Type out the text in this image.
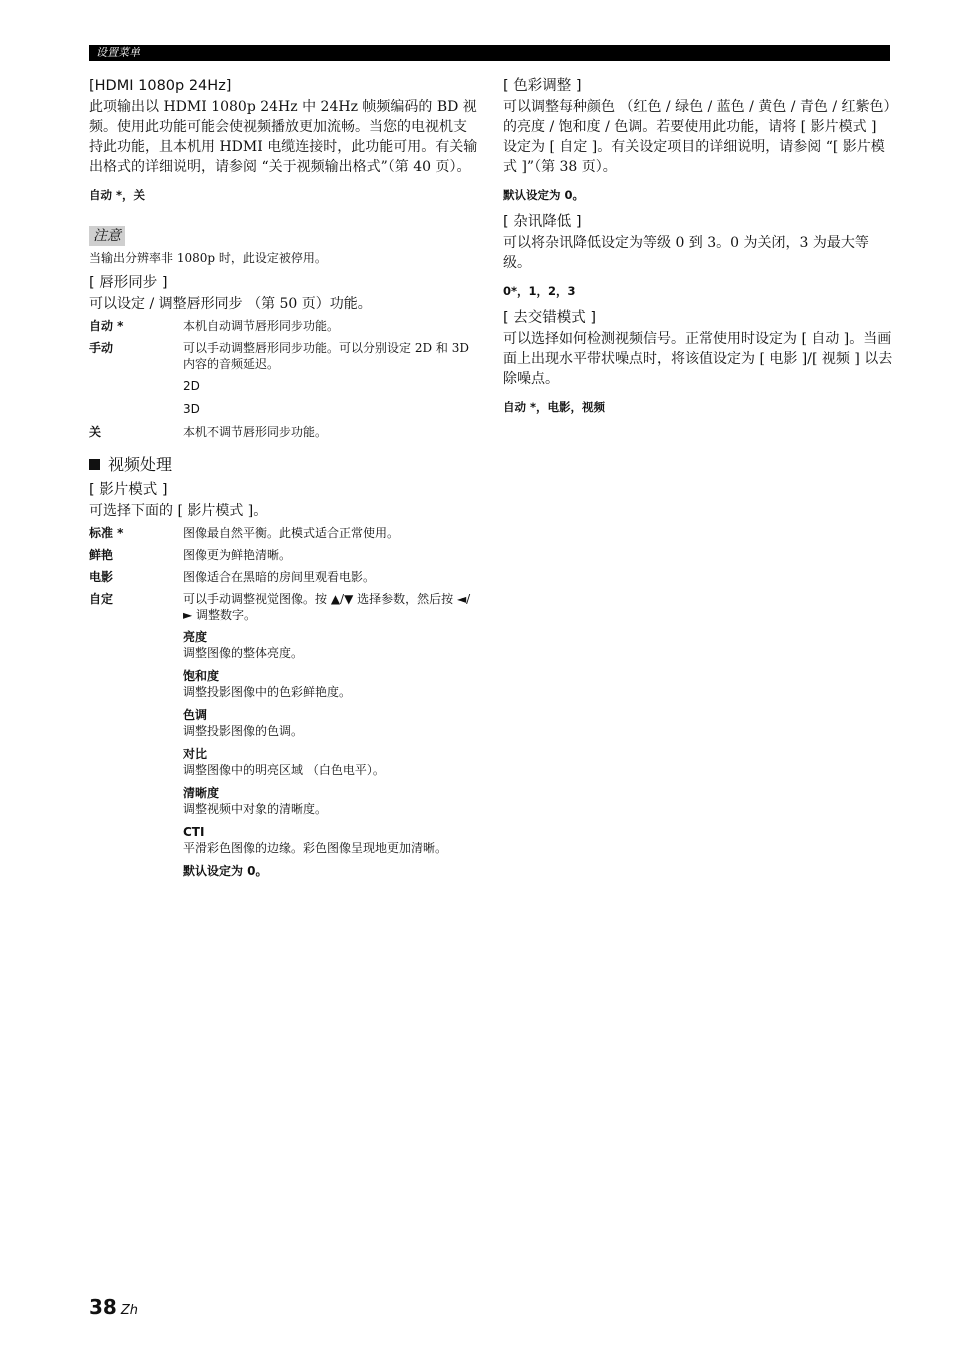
设置菜单
[HDMI 1080p 24Hz]

此项输出以 HDMI 1080p 24Hz 中 24Hz 帧频编码的 BD 视频。使用此功能可能会使视频播放更加流畅。当您的电视机支持此功能，且本机用 HDMI 电缆连接时，此功能可用。有关输出格式的详细说明，请参阅 “关于视频输出格式”（第 40 页）。

自动 *，关
注意

当输出分辨率非 1080p 时，此设定被停用。

[ 唇形同步 ]

可以设定 / 调整唇形同步 （第 50 页）功能。

自动 *	本机自动调节唇形同步功能。
手动	可以手动调整唇形同步功能。可以分别设定 2D 和 3D 内容的音频延迟。
2D
3D
关	本机不调节唇形同步功能。
视频处理
[ 影片模式 ]

可选择下面的 [ 影片模式 ]。

标准 *	图像最自然平衡。此模式适合正常使用。
鲜艳	图像更为鲜艳清晰。
电影	图像适合在黑暗的房间里观看电影。
自定	可以手动调整视觉图像。按 ▲/▼ 选择参数，然后按 ◄/► 调整数字。
亮度
调整图像的整体亮度。
饱和度
调整投影图像中的色彩鲜艳度。
色调
调整投影图像的色调。
对比
调整图像中的明亮区域 （白色电平）。
清晰度
调整视频中对象的清晰度。
CTI
平滑彩色图像的边缘。彩色图像呈现地更加清晰。
默认设定为 0。
[ 色彩调整 ]

可以调整每种颜色 （红色 / 绿色 / 蓝色 / 黄色 / 青色 / 红紫色）的亮度 / 饱和度 / 色调。若要使用此功能，请将 [ 影片模式 ] 设定为 [ 自定 ]。有关设定项目的详细说明，请参阅 “[ 影片模式 ]”（第 38 页）。

默认设定为 0。
[ 杂讯降低 ]

可以将杂讯降低设定为等级 0 到 3。0 为关闭，3 为最大等级。

0*，1，2，3
[ 去交错模式 ]

可以选择如何检测视频信号。正常使用时设定为 [ 自动 ]。当画面上出现水平带状噪点时，将该值设定为 [ 电影 ]/[ 视频 ] 以去除噪点。

自动 *，电影，视频
38 Zh
